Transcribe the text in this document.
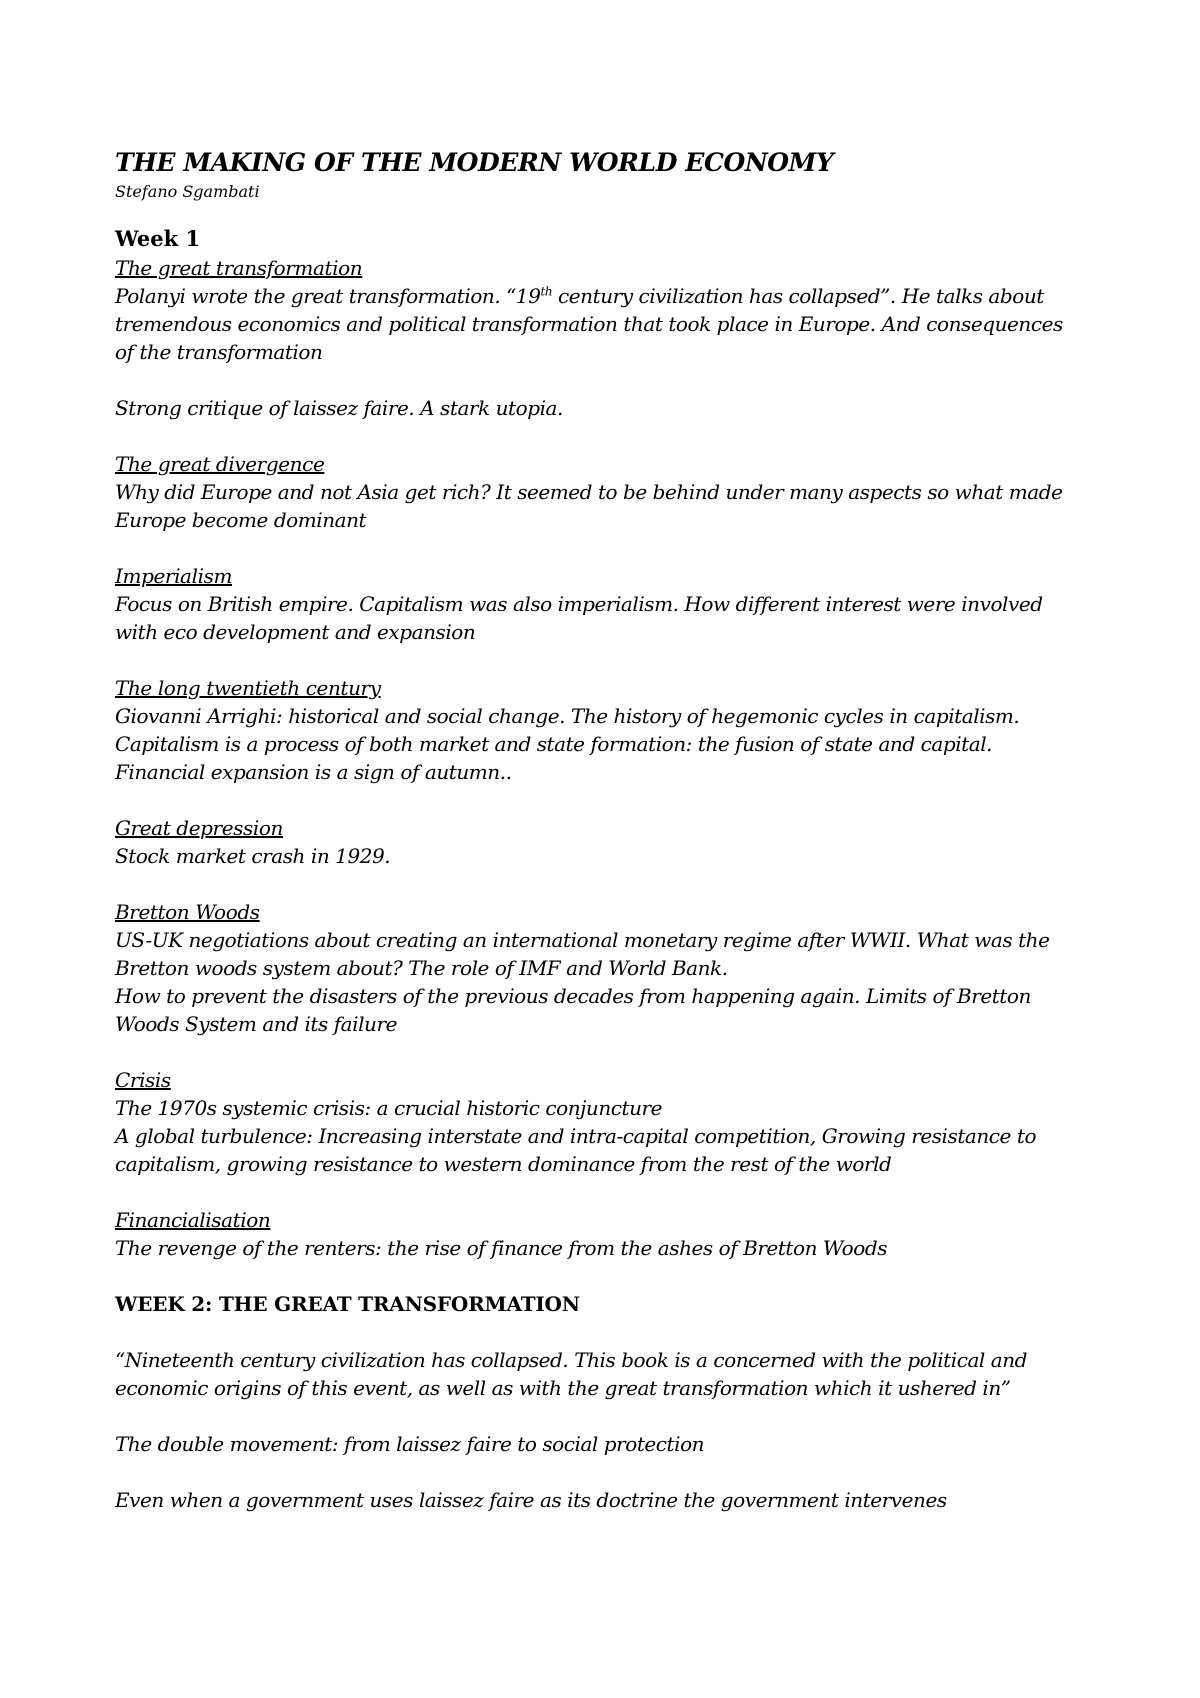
THE MAKING OF THE MODERN WORLD ECONOMY
Stefano Sgambati
Week 1
The great transformation
Polanyi wrote the great transformation. “19th century civilization has collapsed”. He talks about
tremendous economics and political transformation that took place in Europe. And consequences
of the transformation
Strong critique of laissez faire. A stark utopia.
The great divergence
Why did Europe and not Asia get rich? It seemed to be behind under many aspects so what made
Europe become dominant
Imperialism
Focus on British empire. Capitalism was also imperialism. How different interest were involved
with eco development and expansion
The long twentieth century
Giovanni Arrighi: historical and social change. The history of hegemonic cycles in capitalism.
Capitalism is a process of both market and state formation: the fusion of state and capital.
Financial expansion is a sign of autumn..
Great depression
Stock market crash in 1929.
Bretton Woods
US-UK negotiations about creating an international monetary regime after WWII. What was the
Bretton woods system about? The role of IMF and World Bank.
How to prevent the disasters of the previous decades from happening again. Limits of Bretton
Woods System and its failure
Crisis
The 1970s systemic crisis: a crucial historic conjuncture
A global turbulence: Increasing interstate and intra-capital competition, Growing resistance to
capitalism, growing resistance to western dominance from the rest of the world
Financialisation
The revenge of the renters: the rise of finance from the ashes of Bretton Woods
WEEK 2: THE GREAT TRANSFORMATION
“Nineteenth century civilization has collapsed. This book is a concerned with the political and
economic origins of this event, as well as with the great transformation which it ushered in”
The double movement: from laissez faire to social protection
Even when a government uses laissez faire as its doctrine the government intervenes
